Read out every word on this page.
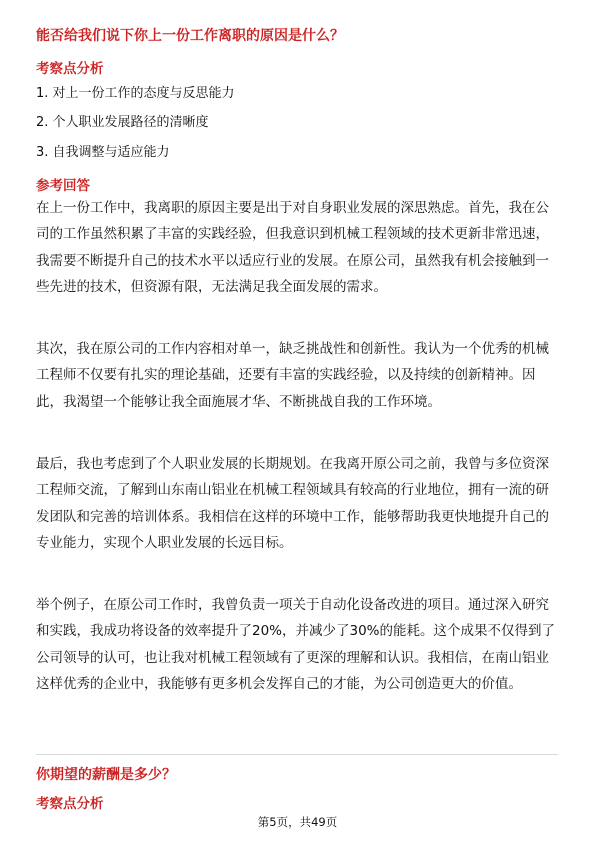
能否给我们说下你上一份工作离职的原因是什么？
考察点分析
1. 对上一份工作的态度与反思能力
2. 个人职业发展路径的清晰度
3. 自我调整与适应能力
参考回答
在上一份工作中，我离职的原因主要是出于对自身职业发展的深思熟虑。首先，我在公司的工作虽然积累了丰富的实践经验，但我意识到机械工程领域的技术更新非常迅速，我需要不断提升自己的技术水平以适应行业的发展。在原公司，虽然我有机会接触到一些先进的技术，但资源有限，无法满足我全面发展的需求。
其次，我在原公司的工作内容相对单一，缺乏挑战性和创新性。我认为一个优秀的机械工程师不仅要有扎实的理论基础，还要有丰富的实践经验，以及持续的创新精神。因此，我渴望一个能够让我全面施展才华、不断挑战自我的工作环境。
最后，我也考虑到了个人职业发展的长期规划。在我离开原公司之前，我曾与多位资深工程师交流，了解到山东南山铝业在机械工程领域具有较高的行业地位，拥有一流的研发团队和完善的培训体系。我相信在这样的环境中工作，能够帮助我更快地提升自己的专业能力，实现个人职业发展的长远目标。
举个例子，在原公司工作时，我曾负责一项关于自动化设备改进的项目。通过深入研究和实践，我成功将设备的效率提升了20%，并减少了30%的能耗。这个成果不仅得到了公司领导的认可，也让我对机械工程领域有了更深的理解和认识。我相信，在南山铝业这样优秀的企业中，我能够有更多机会发挥自己的才能，为公司创造更大的价值。
你期望的薪酬是多少？
考察点分析
第5页，共49页
